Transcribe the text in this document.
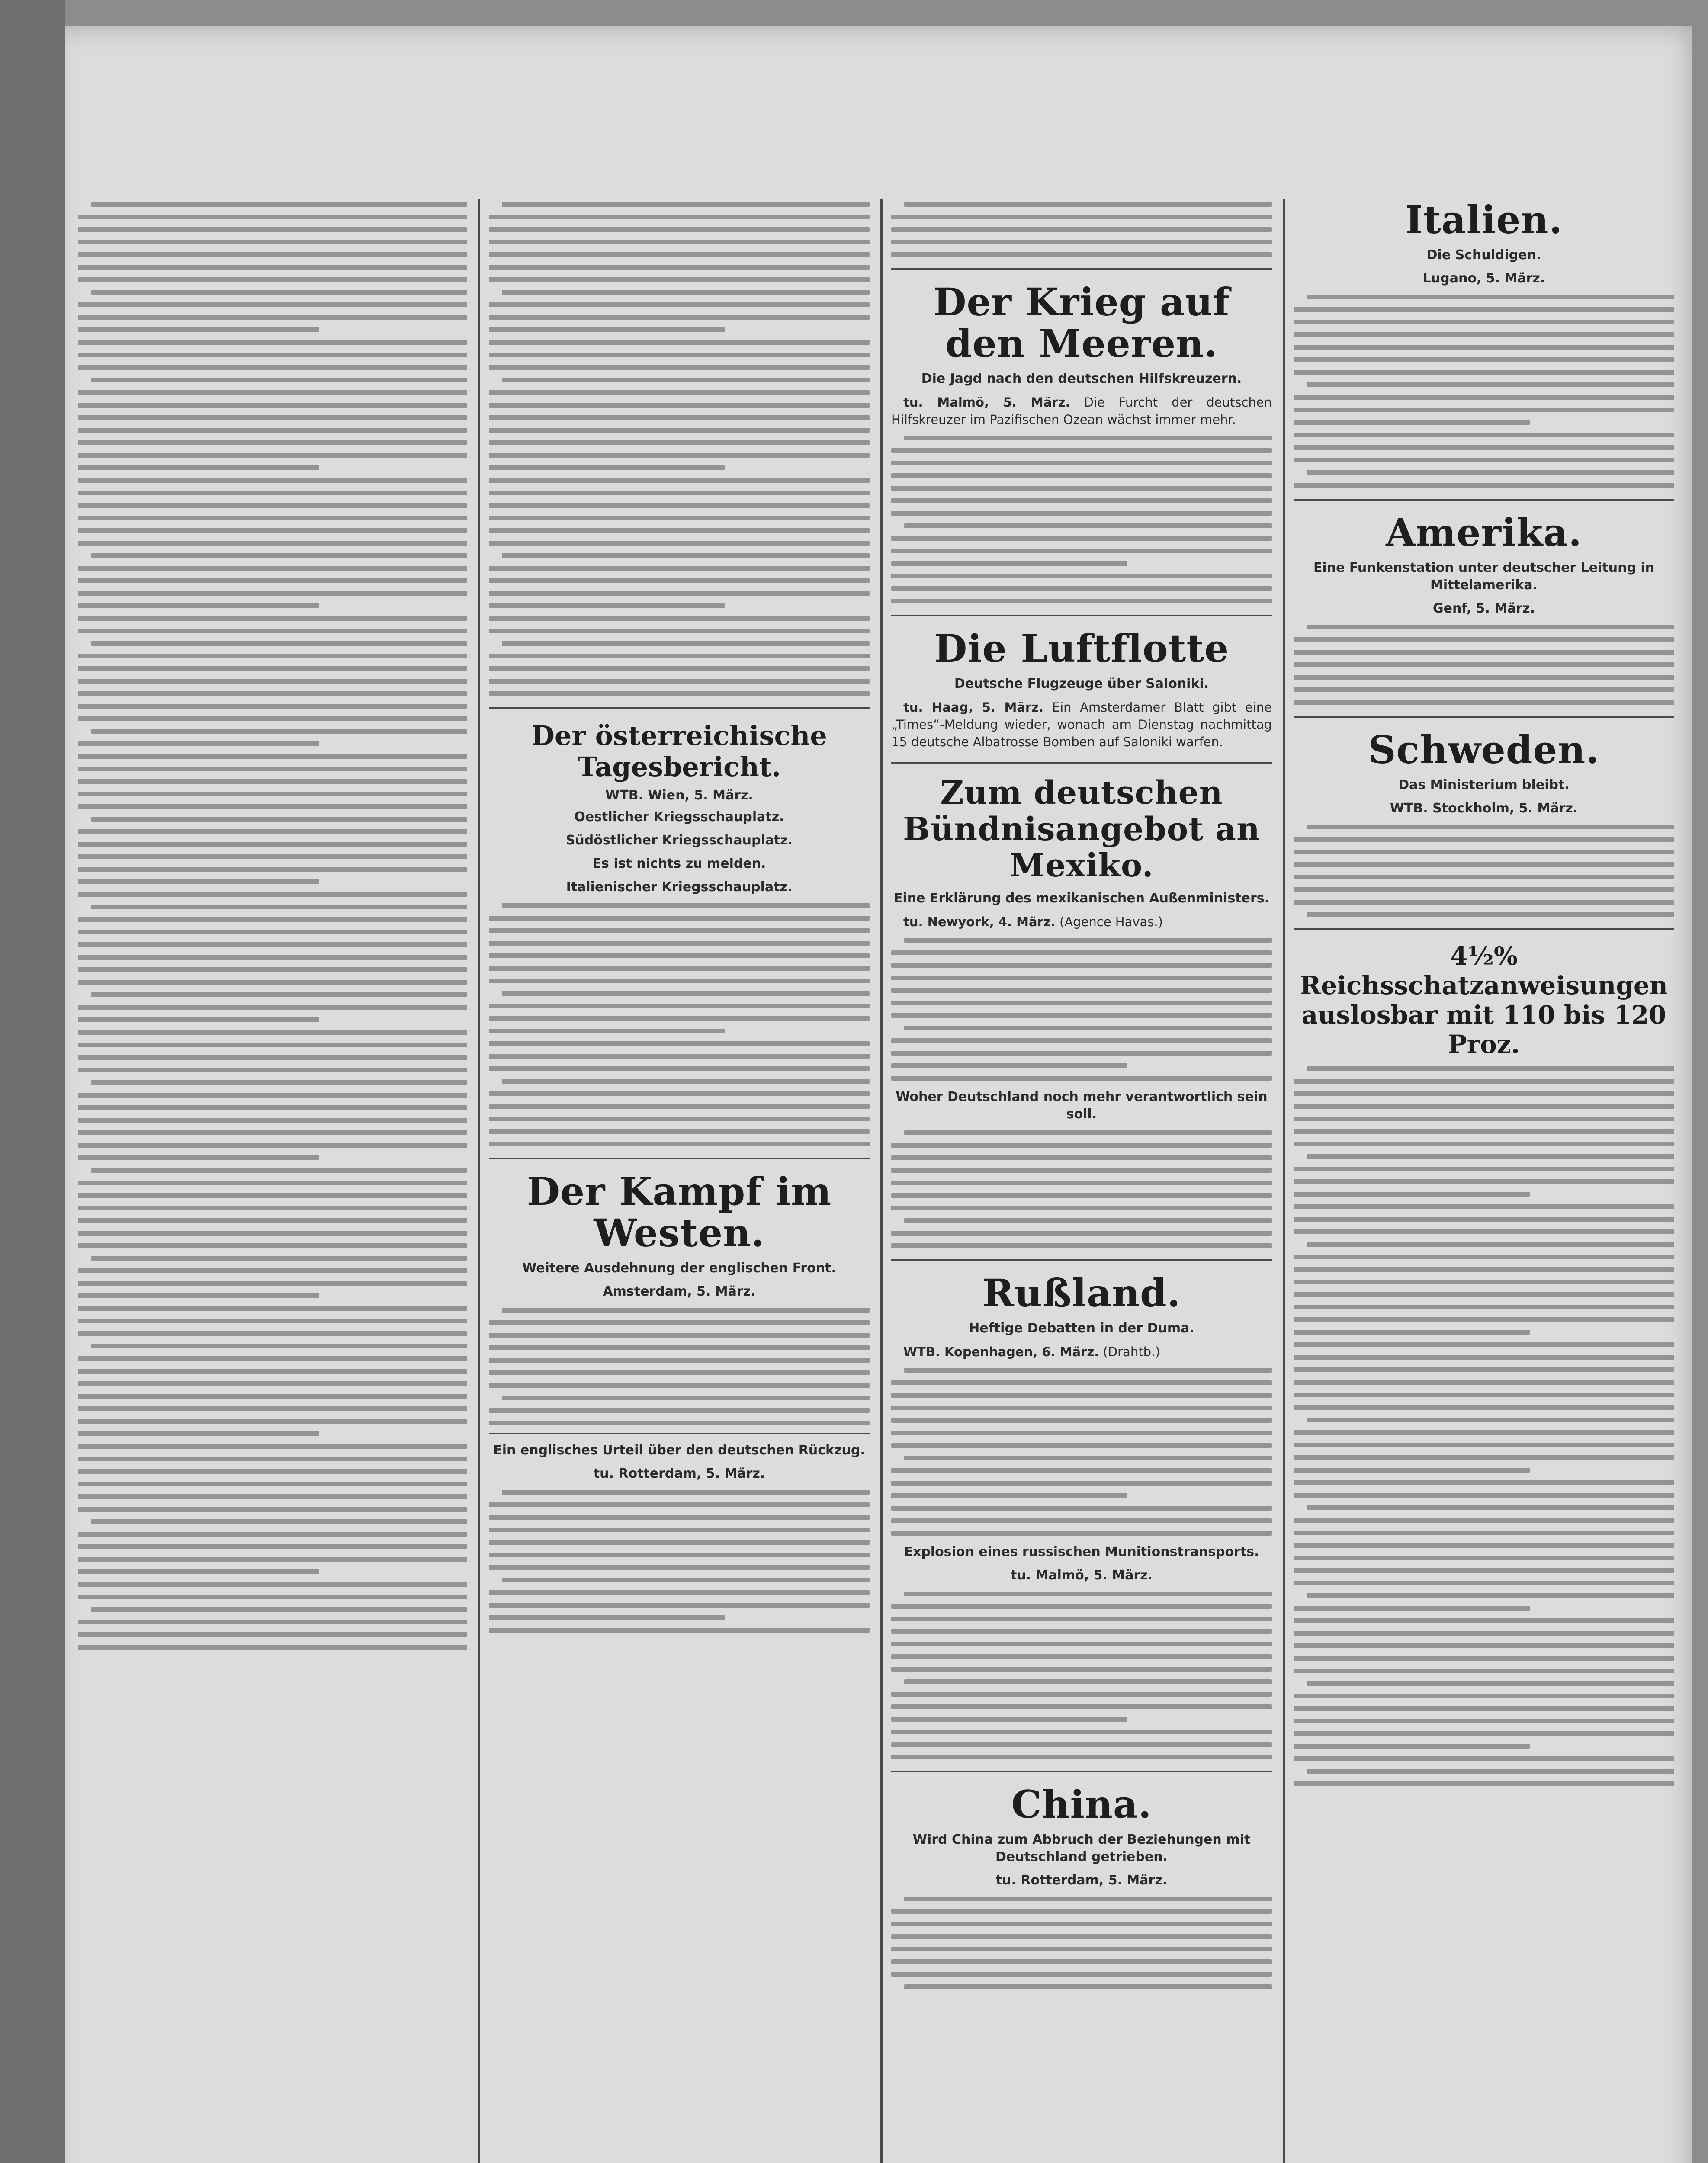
Der österreichische Tagesbericht.
WTB. Wien, 5. März.
Oestlicher Kriegsschauplatz.
Südöstlicher Kriegsschauplatz.
Es ist nichts zu melden.
Italienischer Kriegsschauplatz.
Der Kampf im Westen.
Weitere Ausdehnung der englischen Front.
Amsterdam, 5. März.
Ein englisches Urteil über den deutschen Rückzug.
tu. Rotterdam, 5. März.
Der Krieg auf den Meeren.
Die Jagd nach den deutschen Hilfskreuzern.

tu. Malmö, 5. März. Die Furcht der deutschen Hilfskreuzer im Pazifischen Ozean wächst immer mehr.

Die Luftflotte
Deutsche Flugzeuge über Saloniki.

tu. Haag, 5. März. Ein Amsterdamer Blatt gibt eine „Times“-Meldung wieder, wonach am Dienstag nachmittag 15 deutsche Albatrosse Bomben auf Saloniki warfen.

Zum deutschen Bündnisangebot an Mexiko.
Eine Erklärung des mexikanischen Außenministers.

tu. Newyork, 4. März. (Agence Havas.)

Woher Deutschland noch mehr verantwortlich sein soll.
Rußland.
Heftige Debatten in der Duma.

WTB. Kopenhagen, 6. März. (Drahtb.)

Explosion eines russischen Munitionstransports.
tu. Malmö, 5. März.
China.
Wird China zum Abbruch der Beziehungen mit Deutschland getrieben.
tu. Rotterdam, 5. März.
Italien.
Die Schuldigen.
Lugano, 5. März.
Amerika.
Eine Funkenstation unter deutscher Leitung in Mittelamerika.
Genf, 5. März.
Schweden.
Das Ministerium bleibt.
WTB. Stockholm, 5. März.
4½% Reichsschatzanweisungen auslosbar mit 110 bis 120 Proz.
